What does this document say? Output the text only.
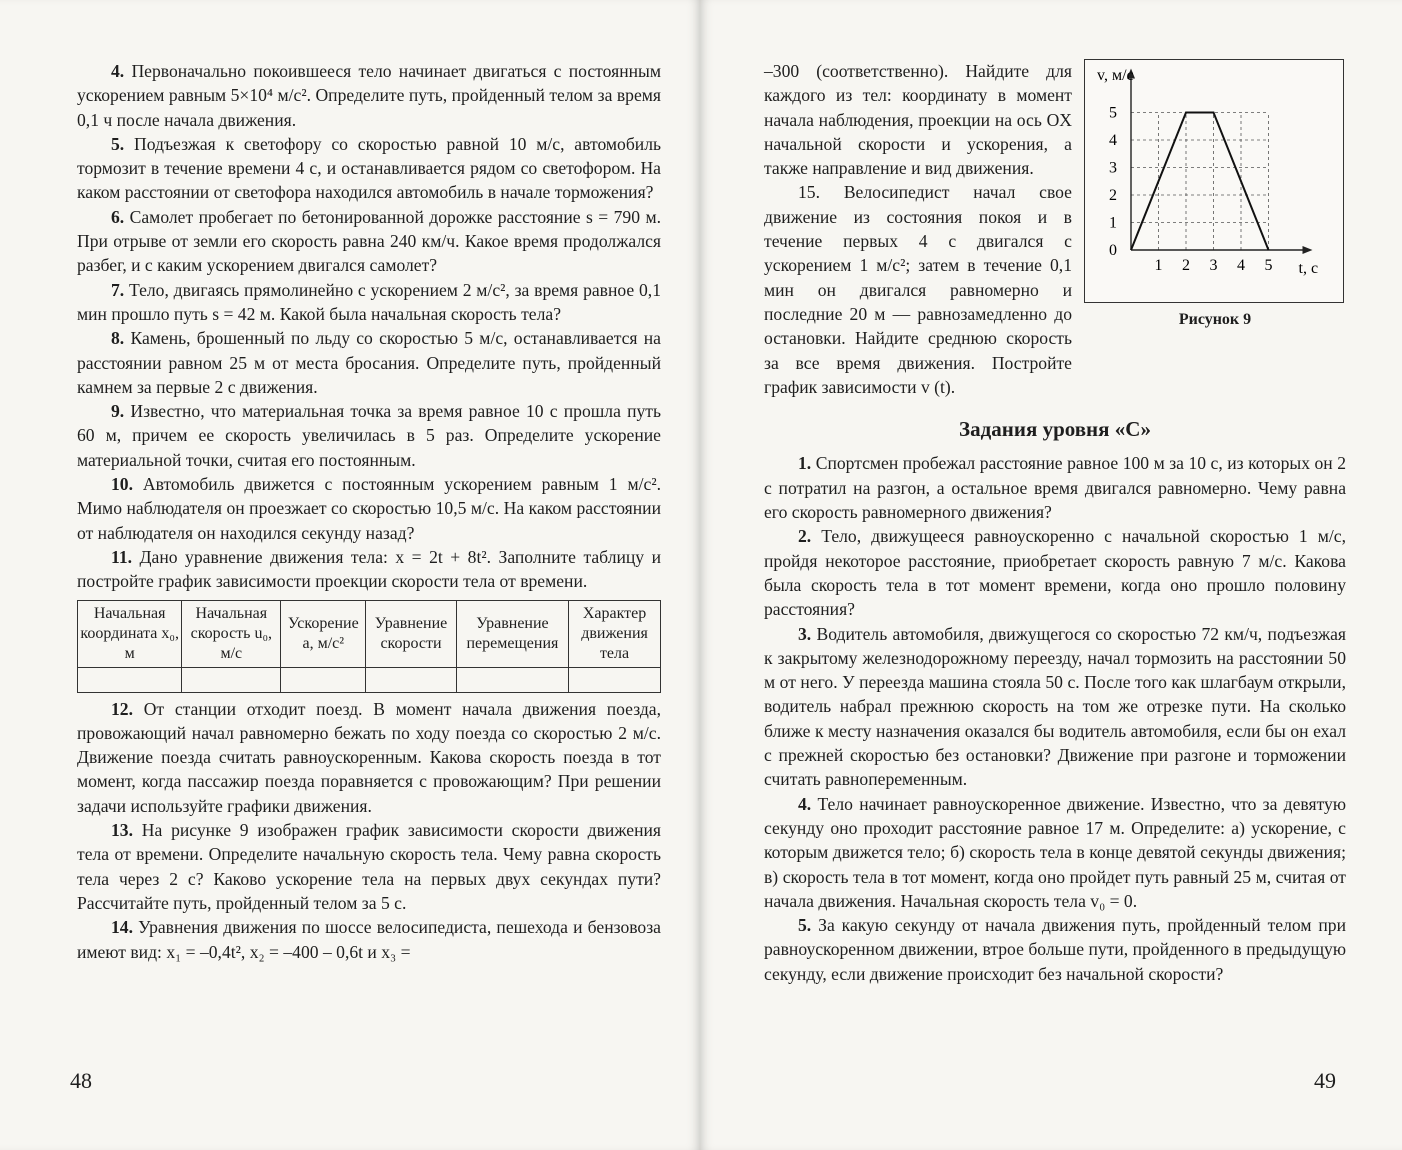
4. Первоначально покоившееся тело начинает двигаться с постоянным ускорением равным 5×10⁴ м/с². Определите путь, пройденный телом за время 0,1 ч после начала движения.

5. Подъезжая к светофору со скоростью равной 10 м/с, автомобиль тормозит в течение времени 4 с, и останавливается рядом со светофором. На каком расстоянии от светофора находился автомобиль в начале торможения?

6. Самолет пробегает по бетонированной дорожке расстояние s = 790 м. При отрыве от земли его скорость равна 240 км/ч. Какое время продолжался разбег, и с каким ускорением двигался самолет?

7. Тело, двигаясь прямолинейно с ускорением 2 м/с², за время равное 0,1 мин прошло путь s = 42 м. Какой была начальная скорость тела?

8. Камень, брошенный по льду со скоростью 5 м/с, останавливается на расстоянии равном 25 м от места бросания. Определите путь, пройденный камнем за первые 2 с движения.

9. Известно, что материальная точка за время равное 10 с прошла путь 60 м, причем ее скорость увеличилась в 5 раз. Определите ускорение материальной точки, считая его постоянным.

10. Автомобиль движется с постоянным ускорением равным 1 м/с². Мимо наблюдателя он проезжает со скоростью 10,5 м/с. На каком расстоянии от наблюдателя он находился секунду назад?

11. Дано уравнение движения тела: x = 2t + 8t². Заполните таблицу и постройте график зависимости проекции скорости тела от времени.

Начальная координата x₀, м	Начальная скорость u₀, м/с	Ускорение a, м/с²	Уравнение скорости	Уравнение перемещения	Характер движения тела

12. От станции отходит поезд. В момент начала движения поезда, провожающий начал равномерно бежать по ходу поезда со скоростью 2 м/с. Движение поезда считать равноускоренным. Какова скорость поезда в тот момент, когда пассажир поезда поравняется с провожающим? При решении задачи используйте графики движения.

13. На рисунке 9 изображен график зависимости скорости движения тела от времени. Определите начальную скорость тела. Чему равна скорость тела через 2 с? Каково ускорение тела на первых двух секундах пути? Рассчитайте путь, пройденный телом за 5 с.

14. Уравнения движения по шоссе велосипедиста, пешехода и бензовоза имеют вид: x₁ = –0,4t², x₂ = –400 – 0,6t и x₃ =

48
1 2 3 4 5
0
1
2
3
4
5
v, м/с
t, c
Рисунок 9

–300 (соответственно). Найдите для каждого из тел: координату в момент начала наблюдения, проекции на ось OX начальной скорости и ускорения, а также направление и вид движения.

15. Велосипедист начал свое движение из состояния покоя и в течение первых 4 с двигался с ускорением 1 м/с²; затем в течение 0,1 мин он двигался равномерно и последние 20 м — равнозамедленно до остановки. Найдите среднюю скорость за все время движения. Постройте график зависимости v (t).

Задания уровня «С»

1. Спортсмен пробежал расстояние равное 100 м за 10 с, из которых он 2 с потратил на разгон, а остальное время двигался равномерно. Чему равна его скорость равномерного движения?

2. Тело, движущееся равноускоренно с начальной скоростью 1 м/с, пройдя некоторое расстояние, приобретает скорость равную 7 м/с. Какова была скорость тела в тот момент времени, когда оно прошло половину расстояния?

3. Водитель автомобиля, движущегося со скоростью 72 км/ч, подъезжая к закрытому железнодорожному переезду, начал тормозить на расстоянии 50 м от него. У переезда машина стояла 50 с. После того как шлагбаум открыли, водитель набрал прежнюю скорость на том же отрезке пути. На сколько ближе к месту назначения оказался бы водитель автомобиля, если бы он ехал с прежней скоростью без остановки? Движение при разгоне и торможении считать равнопеременным.

4. Тело начинает равноускоренное движение. Известно, что за девятую секунду оно проходит расстояние равное 17 м. Определите: а) ускорение, с которым движется тело; б) скорость тела в конце девятой секунды движения; в) скорость тела в тот момент, когда оно пройдет путь равный 25 м, считая от начала движения. Начальная скорость тела v₀ = 0.

5. За какую секунду от начала движения путь, пройденный телом при равноускоренном движении, втрое больше пути, пройденного в предыдущую секунду, если движение происходит без начальной скорости?

49
